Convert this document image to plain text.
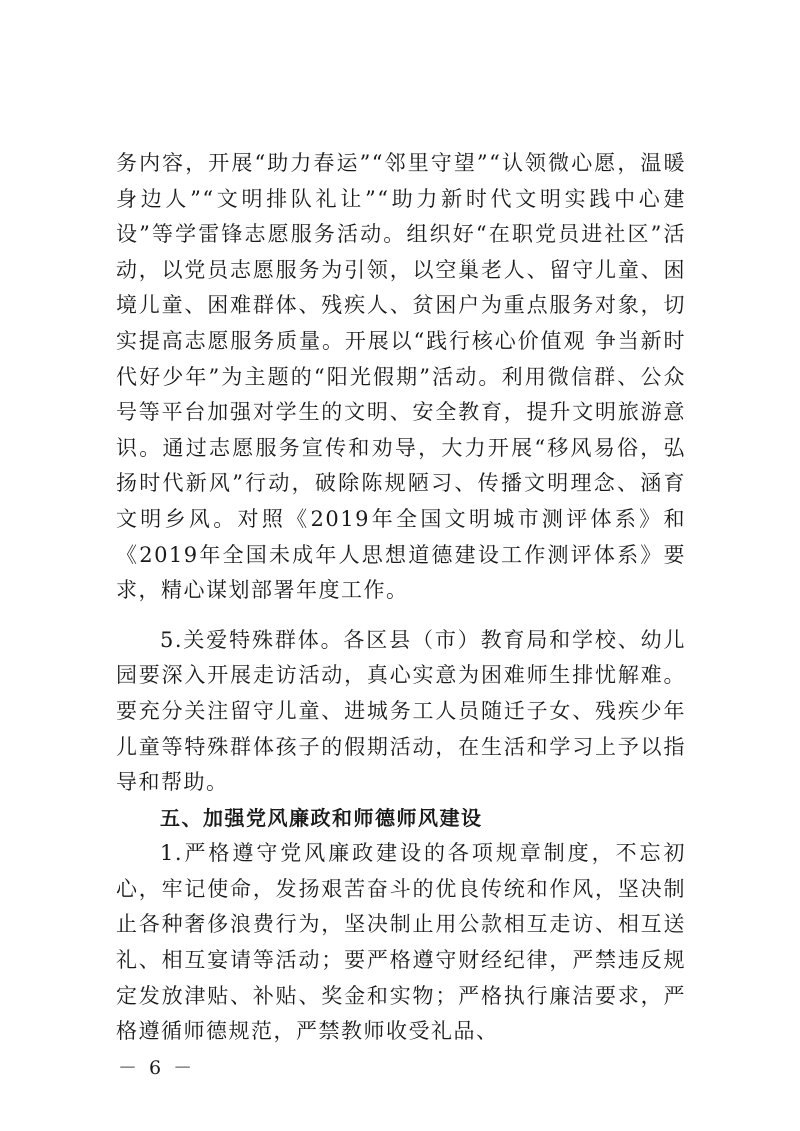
务内容，开展“助力春运”“邻里守望”“认领微心愿，温暖身边人”“文明排队礼让”“助力新时代文明实践中心建设”等学雷锋志愿服务活动。组织好“在职党员进社区”活动，以党员志愿服务为引领，以空巢老人、留守儿童、困境儿童、困难群体、残疾人、贫困户为重点服务对象，切实提高志愿服务质量。开展以“践行核心价值观 争当新时代好少年”为主题的“阳光假期”活动。利用微信群、公众号等平台加强对学生的文明、安全教育，提升文明旅游意识。通过志愿服务宣传和劝导，大力开展“移风易俗，弘扬时代新风”行动，破除陈规陋习、传播文明理念、涵育文明乡风。对照《2019年全国文明城市测评体系》和《2019年全国未成年人思想道德建设工作测评体系》要求，精心谋划部署年度工作。

5.关爱特殊群体。各区县（市）教育局和学校、幼儿园要深入开展走访活动，真心实意为困难师生排忧解难。要充分关注留守儿童、进城务工人员随迁子女、残疾少年儿童等特殊群体孩子的假期活动，在生活和学习上予以指导和帮助。

五、加强党风廉政和师德师风建设

1.严格遵守党风廉政建设的各项规章制度，不忘初心，牢记使命，发扬艰苦奋斗的优良传统和作风，坚决制止各种奢侈浪费行为，坚决制止用公款相互走访、相互送礼、相互宴请等活动；要严格遵守财经纪律，严禁违反规定发放津贴、补贴、奖金和实物；严格执行廉洁要求，严格遵循师德规范，严禁教师收受礼品、

－ 6 －
